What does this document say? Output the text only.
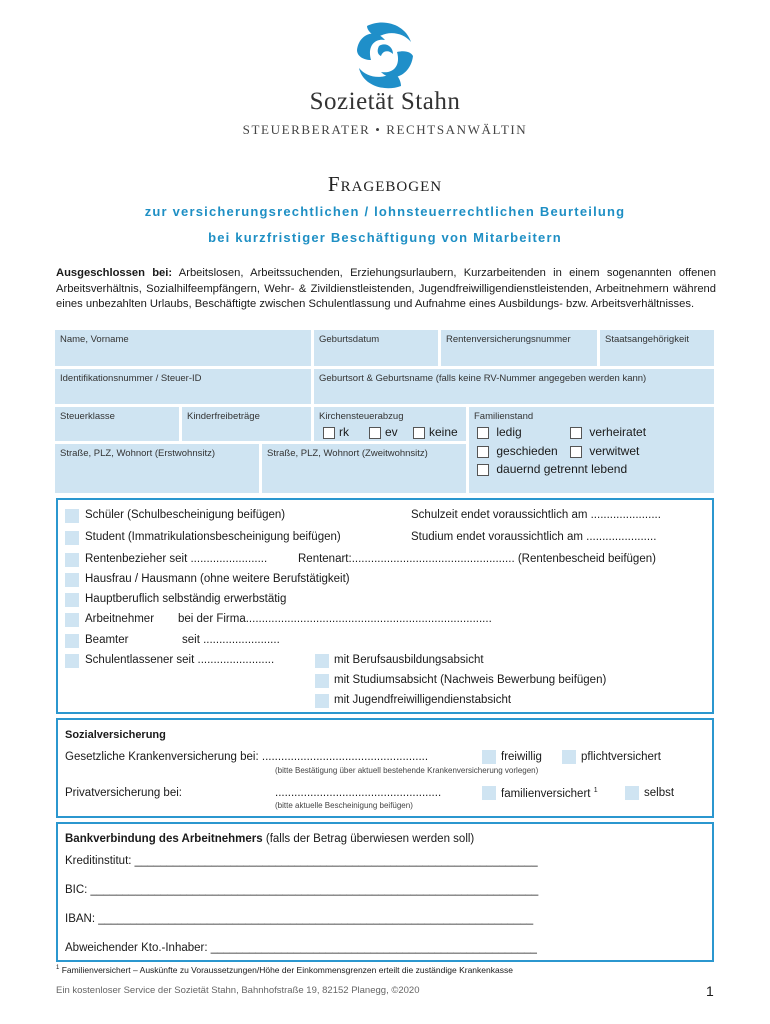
Sozietät Stahn
STEUERBERATER • RECHTSANWÄLTIN
Fragebogen
zur versicherungsrechtlichen / lohnsteuerrechtlichen Beurteilung
bei kurzfristiger Beschäftigung von Mitarbeitern
Ausgeschlossen bei: Arbeitslosen, Arbeitssuchenden, Erziehungsurlaubern, Kurzarbeitenden in einem sogenannten offenen Arbeitsverhältnis, Sozialhilfeempfängern, Wehr- & Zivildienstleistenden, Jugendfreiwilligendienstleistenden, Arbeitnehmern während eines unbezahlten Urlaubs, Beschäftigte zwischen Schulentlassung und Aufnahme eines Ausbildungs- bzw. Arbeitsverhältnisses.
Name, Vorname	Geburtsdatum	Rentenversicherungsnummer	Staatsangehörigkeit
Identifikationsnummer / Steuer-ID	Geburtsort & Geburtsname (falls keine RV-Nummer angegeben werden kann)
Steuerklasse	Kinderfreibeträge	Kirchensteuerabzug	Familienstand
Straße, PLZ, Wohnort (Erstwohnsitz)	Straße, PLZ, Wohnort (Zweitwohnsitz)
rk	ev	keine	ledig	verheiratet
geschieden	verwitwet
dauernd getrennt lebend
Schüler (Schulbescheinigung beifügen)	Schulzeit endet voraussichtlich am ......................
Student (Immatrikulationsbescheinigung beifügen)	Studium endet voraussichtlich am ......................
Rentenbezieher seit ........................	Rentenart:................................................... (Rentenbescheid beifügen)
Hausfrau / Hausmann (ohne weitere Berufstätigkeit)
Hauptberuflich selbständig erwerbstätig
Arbeitnehmer bei der Firma.............................................................................
Beamter	seit ........................
Schulentlassener seit ........................	mit Berufsausbildungsabsicht
mit Studiumsabsicht (Nachweis Bewerbung beifügen)
mit Jugendfreiwilligendienstabsicht
Sozialversicherung
Gesetzliche Krankenversicherung bei: ....................................................	freiwillig	pflichtversichert
(bitte Bestätigung über aktuell bestehende Krankenversicherung vorlegen)
Privatversicherung bei:	....................................................	familienversichert $^1$	selbst
(bitte aktuelle Bescheinigung beifügen)
Bankverbindung des Arbeitnehmers (falls der Betrag überwiesen werden soll)
Kreditinstitut: _______________________________________________________________
BIC: ______________________________________________________________________
IBAN: ____________________________________________________________________
Abweichender Kto.-Inhaber: ___________________________________________________
$^1$ Familienversichert – Auskünfte zu Voraussetzungen/Höhe der Einkommensgrenzen erteilt die zuständige Krankenkasse
Ein kostenloser Service der Sozietät Stahn, Bahnhofstraße 19, 82152 Planegg, ©2020	1
